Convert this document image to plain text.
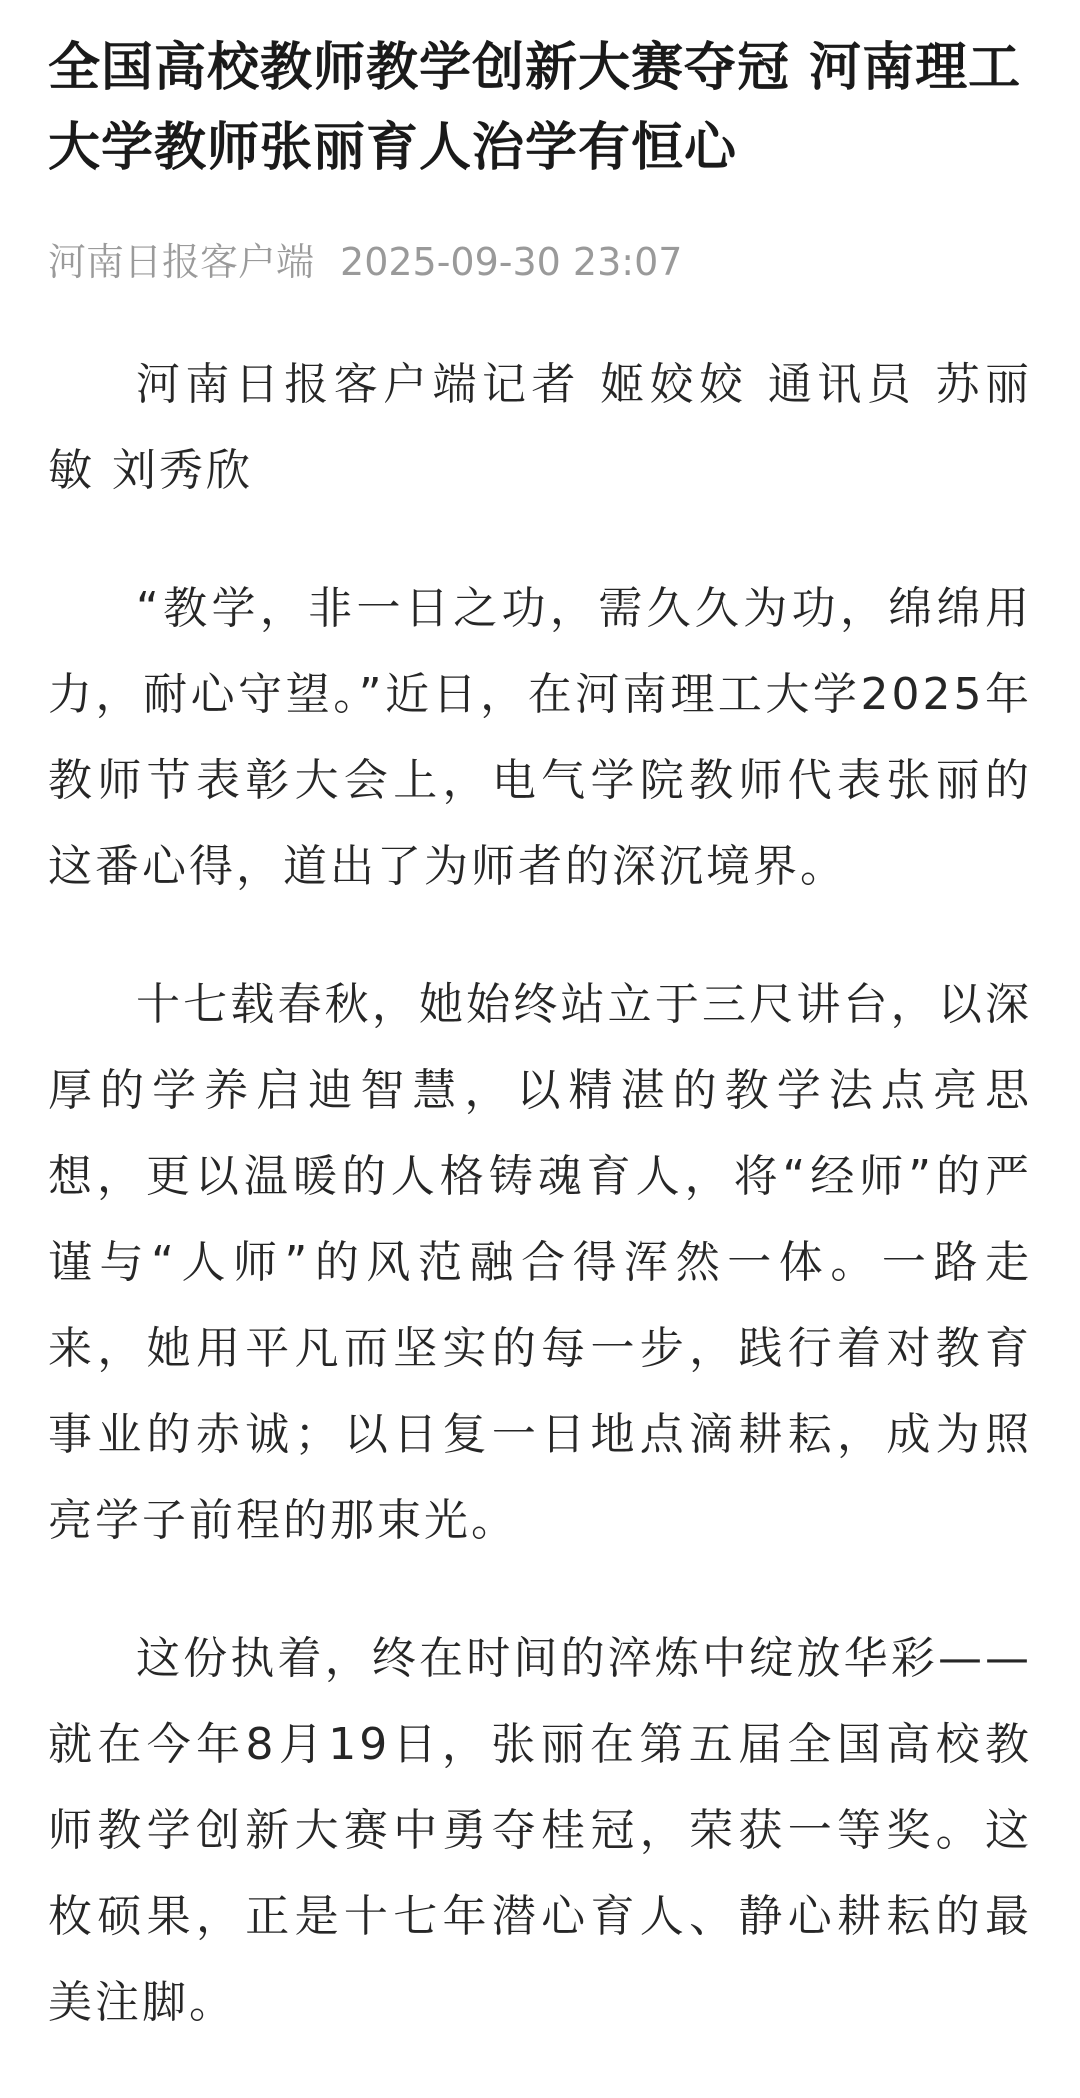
全国高校教师教学创新大赛夺冠 河南理工大学教师张丽育人治学有恒心
河南日报客户端 2025-09-30 23:07

河南日报客户端记者 姬姣姣 通讯员 苏丽敏 刘秀欣

“教学，非一日之功，需久久为功，绵绵用力，耐心守望。”近日，在河南理工大学2025年教师节表彰大会上，电气学院教师代表张丽的这番心得，道出了为师者的深沉境界。

十七载春秋，她始终站立于三尺讲台，以深厚的学养启迪智慧，以精湛的教学法点亮思想，更以温暖的人格铸魂育人，将“经师”的严谨与“人师”的风范融合得浑然一体。一路走来，她用平凡而坚实的每一步，践行着对教育事业的赤诚；以日复一日地点滴耕耘，成为照亮学子前程的那束光。

这份执着，终在时间的淬炼中绽放华彩——就在今年8月19日，张丽在第五届全国高校教师教学创新大赛中勇夺桂冠，荣获一等奖。这枚硕果，正是十七年潜心育人、静心耕耘的最美注脚。
